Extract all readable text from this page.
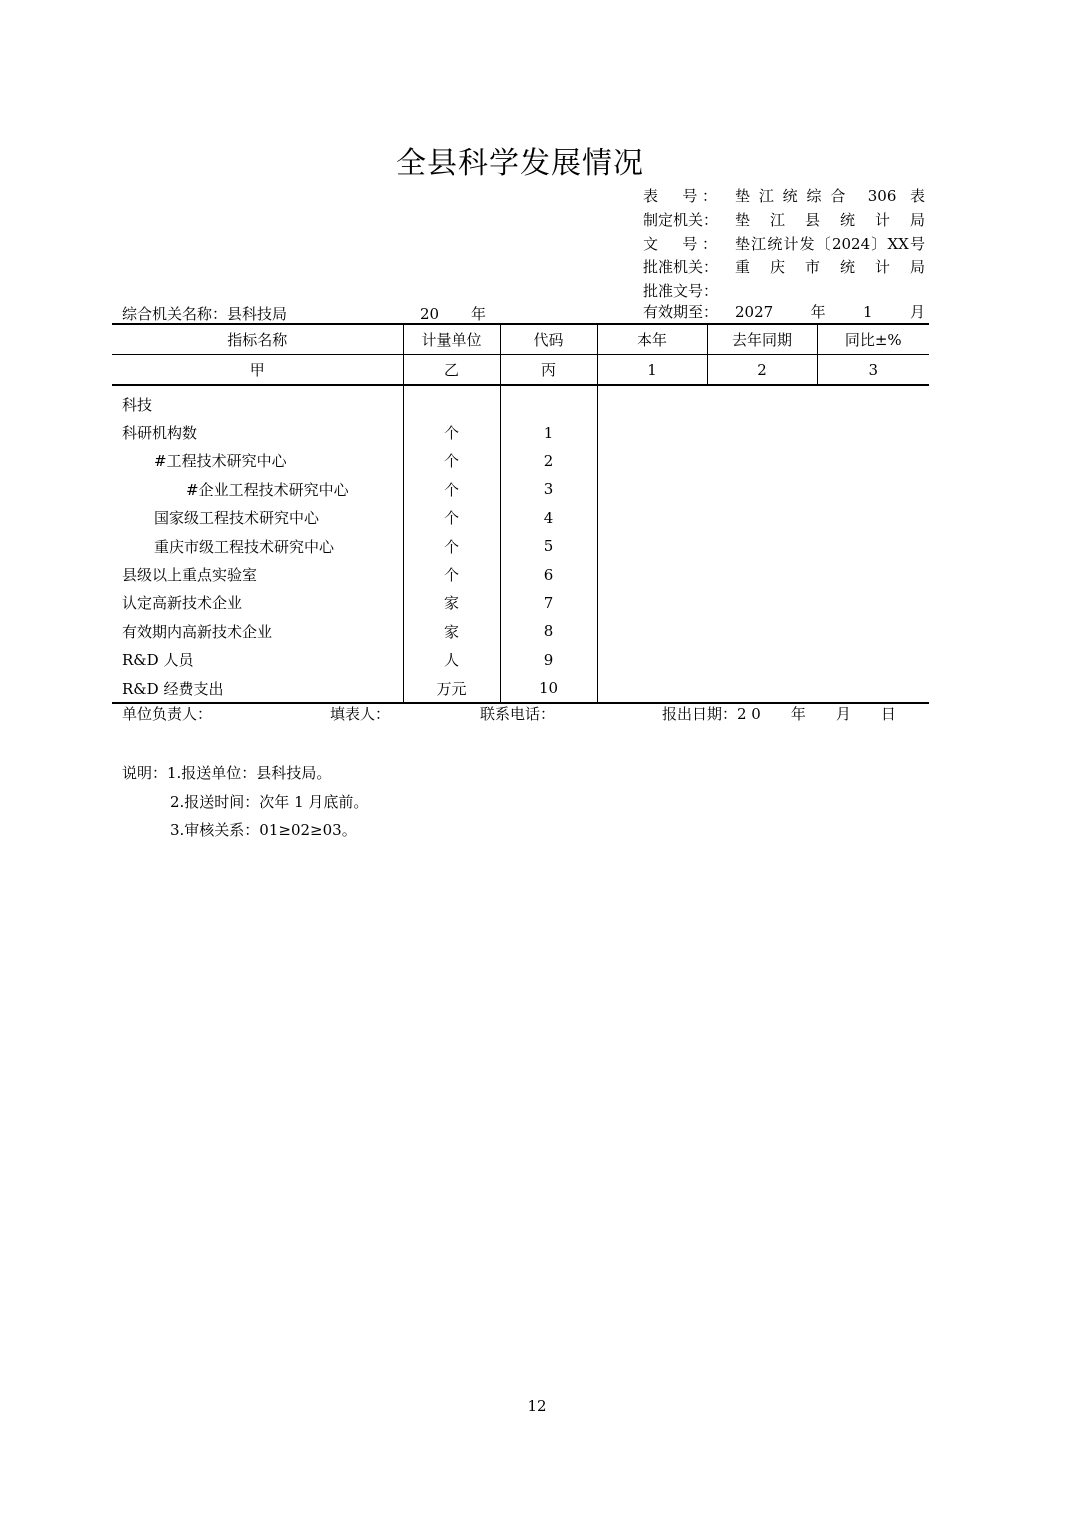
全县科学发展情况
表　号： 垫江统综合 306 表
制定机关： 垫江县统计局
文　号： 垫江统计发〔2024〕XX号
批准机关： 重庆市统计局
批准文号：
有效期至： 2027年1月
综合机关名称：县科技局	20 年
指标名称	计量单位	代码	本年	去年同期	同比±%
甲	乙	丙	1	2	3
科技					
科研机构数	个	1			
#工程技术研究中心	个	2			
#企业工程技术研究中心	个	3			
国家级工程技术研究中心	个	4			
重庆市级工程技术研究中心	个	5			
县级以上重点实验室	个	6			
认定高新技术企业	家	7			
有效期内高新技术企业	家	8			
R&D 人员	人	9			
R&D 经费支出	万元	10			
单位负责人：	填表人：	联系电话：	报出日期：2 0　　年　　月　　日
说明：1.报送单位：县科技局。
2.报送时间：次年 1 月底前。
3.审核关系：01≥02≥03。
12
